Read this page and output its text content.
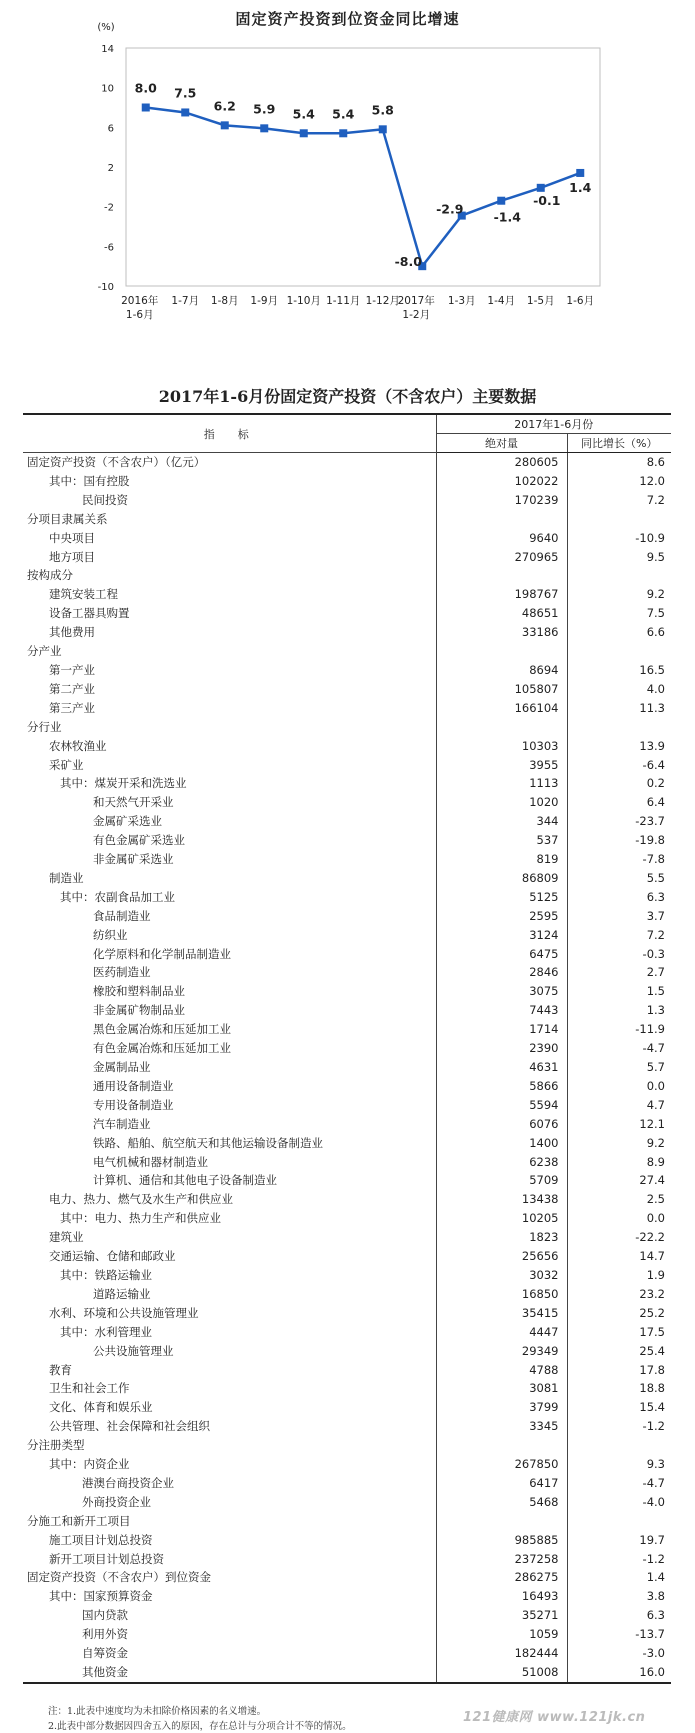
固定资产投资到位资金同比增速
(%)
14
10
6
2
-2
-6
-10
2016年
1-6月
1-7月 1-8月 1-9月 1-10月 1-11月 1-12月
2017年
1-2月
1-3月 1-4月 1-5月 1-6月
8.0 7.5
6.2 5.9 5.4 5.4 5.8
-8.0
-2.9
-1.4
-0.1
1.4
2017年1-6月份固定资产投资（不含农户）主要数据
指　标	2017年1-6月份	
	绝对量	同比增长（%）
固定资产投资（不含农户）（亿元）	280605	8.6
其中：国有控股	102022	12.0
民间投资	170239	7.2
分项目隶属关系		
中央项目	9640	-10.9
地方项目	270965	9.5
按构成分		
建筑安装工程	198767	9.2
设备工器具购置	48651	7.5
其他费用	33186	6.6
分产业		
第一产业	8694	16.5
第二产业	105807	4.0
第三产业	166104	11.3
分行业		
农林牧渔业	10303	13.9
采矿业	3955	-6.4
其中：煤炭开采和洗选业	1113	0.2
和天然气开采业	1020	6.4
金属矿采选业	344	-23.7
有色金属矿采选业	537	-19.8
非金属矿采选业	819	-7.8
制造业	86809	5.5
其中：农副食品加工业	5125	6.3
食品制造业	2595	3.7
纺织业	3124	7.2
化学原料和化学制品制造业	6475	-0.3
医药制造业	2846	2.7
橡胶和塑料制品业	3075	1.5
非金属矿物制品业	7443	1.3
黑色金属冶炼和压延加工业	1714	-11.9
有色金属冶炼和压延加工业	2390	-4.7
金属制品业	4631	5.7
通用设备制造业	5866	0.0
专用设备制造业	5594	4.7
汽车制造业	6076	12.1
铁路、船舶、航空航天和其他运输设备制造业	1400	9.2
电气机械和器材制造业	6238	8.9
计算机、通信和其他电子设备制造业	5709	27.4
电力、热力、燃气及水生产和供应业	13438	2.5
其中：电力、热力生产和供应业	10205	0.0
建筑业	1823	-22.2
交通运输、仓储和邮政业	25656	14.7
其中：铁路运输业	3032	1.9
道路运输业	16850	23.2
水利、环境和公共设施管理业	35415	25.2
其中：水利管理业	4447	17.5
公共设施管理业	29349	25.4
教育	4788	17.8
卫生和社会工作	3081	18.8
文化、体育和娱乐业	3799	15.4
公共管理、社会保障和社会组织	3345	-1.2
分注册类型		
其中：内资企业	267850	9.3
港澳台商投资企业	6417	-4.7
外商投资企业	5468	-4.0
分施工和新开工项目		
施工项目计划总投资	985885	19.7
新开工项目计划总投资	237258	-1.2
固定资产投资（不含农户）到位资金	286275	1.4
其中：国家预算资金	16493	3.8
国内贷款	35271	6.3
利用外资	1059	-13.7
自筹资金	182444	-3.0
其他资金	51008	16.0
注：1.此表中速度均为未扣除价格因素的名义增速。
2.此表中部分数据因四舍五入的原因，存在总计与分项合计不等的情况。
121健康网 www.121jk.cn
